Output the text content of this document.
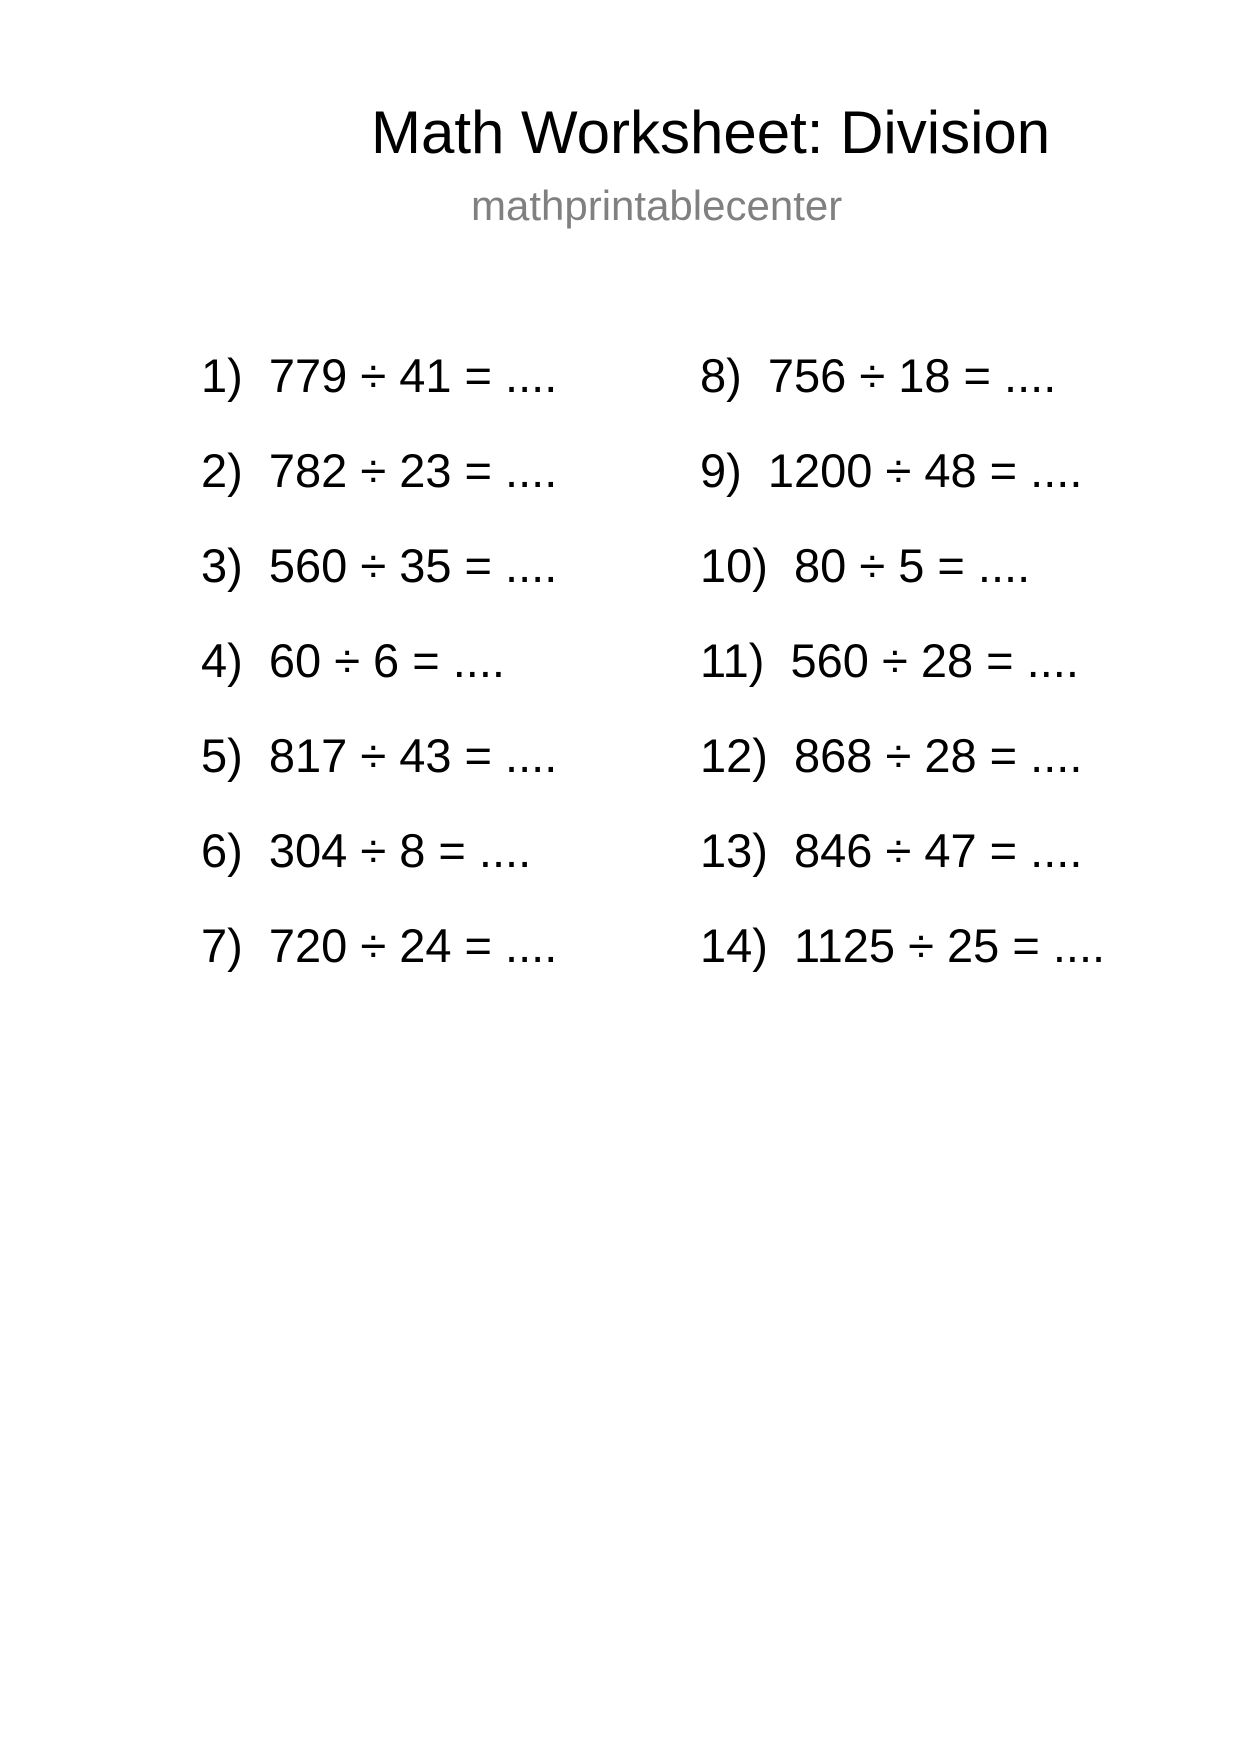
Math Worksheet: Division
mathprintablecenter
1) 779 ÷ 41 = ....
2) 782 ÷ 23 = ....
3) 560 ÷ 35 = ....
4) 60 ÷ 6 = ....
5) 817 ÷ 43 = ....
6) 304 ÷ 8 = ....
7) 720 ÷ 24 = ....
8) 756 ÷ 18 = ....
9) 1200 ÷ 48 = ....
10) 80 ÷ 5 = ....
11) 560 ÷ 28 = ....
12) 868 ÷ 28 = ....
13) 846 ÷ 47 = ....
14) 1125 ÷ 25 = ....
